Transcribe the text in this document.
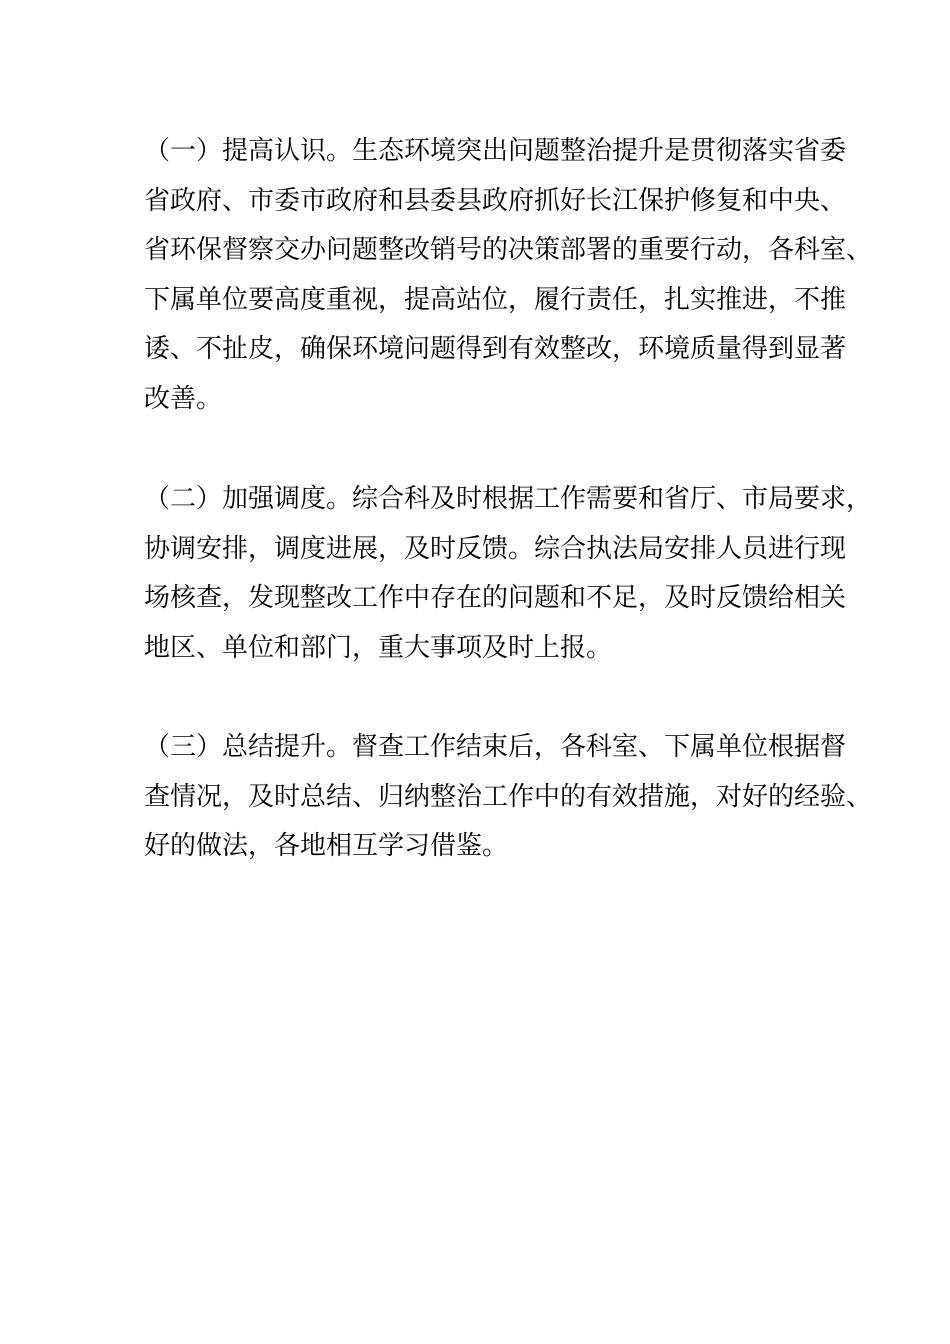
（一）提高认识。生态环境突出问题整治提升是贯彻落实省委
省政府、市委市政府和县委县政府抓好长江保护修复和中央、
省环保督察交办问题整改销号的决策部署的重要行动，各科室、
下属单位要高度重视，提高站位，履行责任，扎实推进，不推
诿、不扯皮，确保环境问题得到有效整改，环境质量得到显著
改善。
（二）加强调度。综合科及时根据工作需要和省厅、市局要求，
协调安排，调度进展，及时反馈。综合执法局安排人员进行现
场核查，发现整改工作中存在的问题和不足，及时反馈给相关
地区、单位和部门，重大事项及时上报。
（三）总结提升。督查工作结束后，各科室、下属单位根据督
查情况，及时总结、归纳整治工作中的有效措施，对好的经验、
好的做法，各地相互学习借鉴。
